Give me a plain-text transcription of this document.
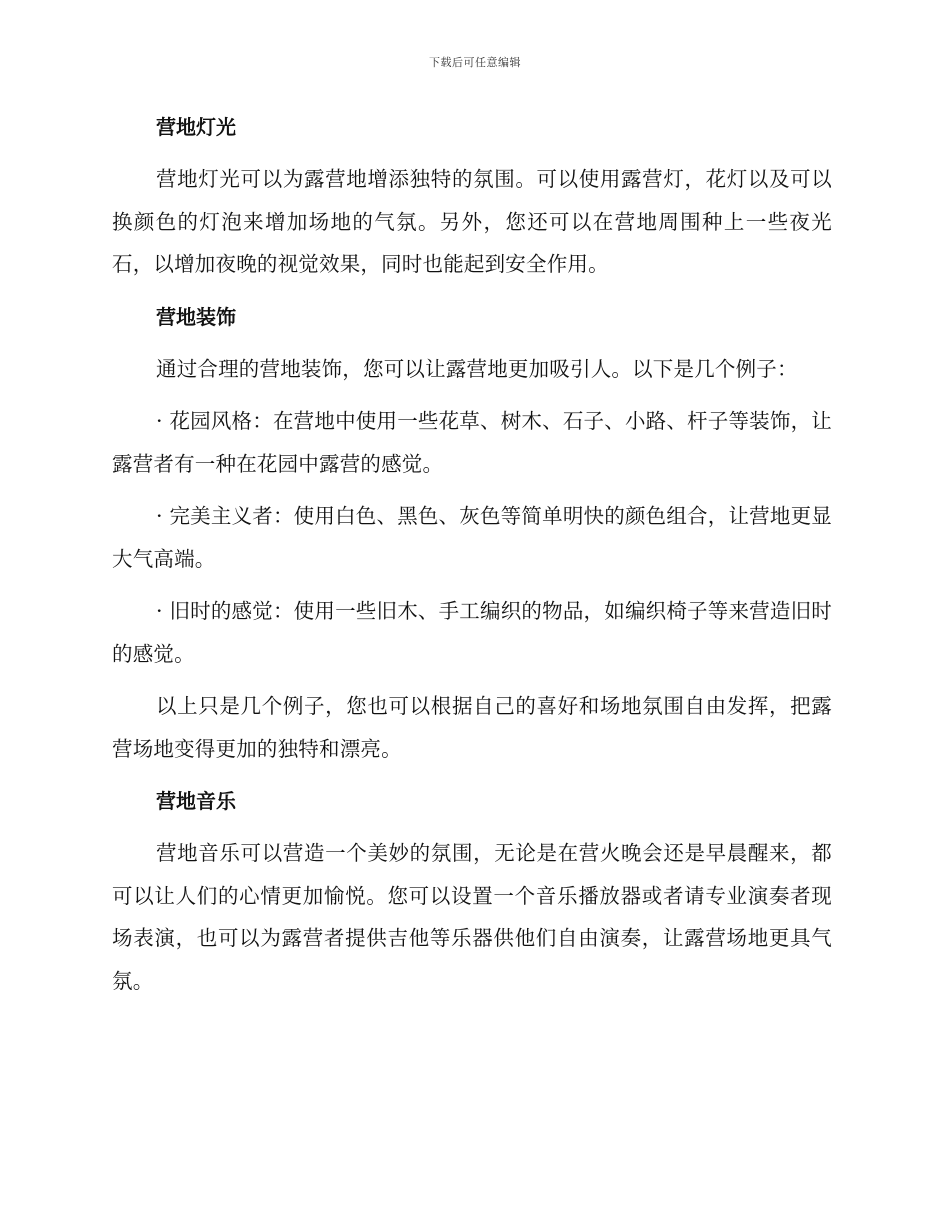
下载后可任意编辑
营地灯光

营地灯光可以为露营地增添独特的氛围。可以使用露营灯，花灯以及可以换颜色的灯泡来增加场地的气氛。另外，您还可以在营地周围种上一些夜光石，以增加夜晚的视觉效果，同时也能起到安全作用。

营地装饰

通过合理的营地装饰，您可以让露营地更加吸引人。以下是几个例子：

· 花园风格：在营地中使用一些花草、树木、石子、小路、杆子等装饰，让露营者有一种在花园中露营的感觉。

· 完美主义者：使用白色、黑色、灰色等简单明快的颜色组合，让营地更显大气高端。

· 旧时的感觉：使用一些旧木、手工编织的物品，如编织椅子等来营造旧时的感觉。

以上只是几个例子，您也可以根据自己的喜好和场地氛围自由发挥，把露营场地变得更加的独特和漂亮。

营地音乐

营地音乐可以营造一个美妙的氛围，无论是在营火晚会还是早晨醒来，都可以让人们的心情更加愉悦。您可以设置一个音乐播放器或者请专业演奏者现场表演，也可以为露营者提供吉他等乐器供他们自由演奏，让露营场地更具气氛。
